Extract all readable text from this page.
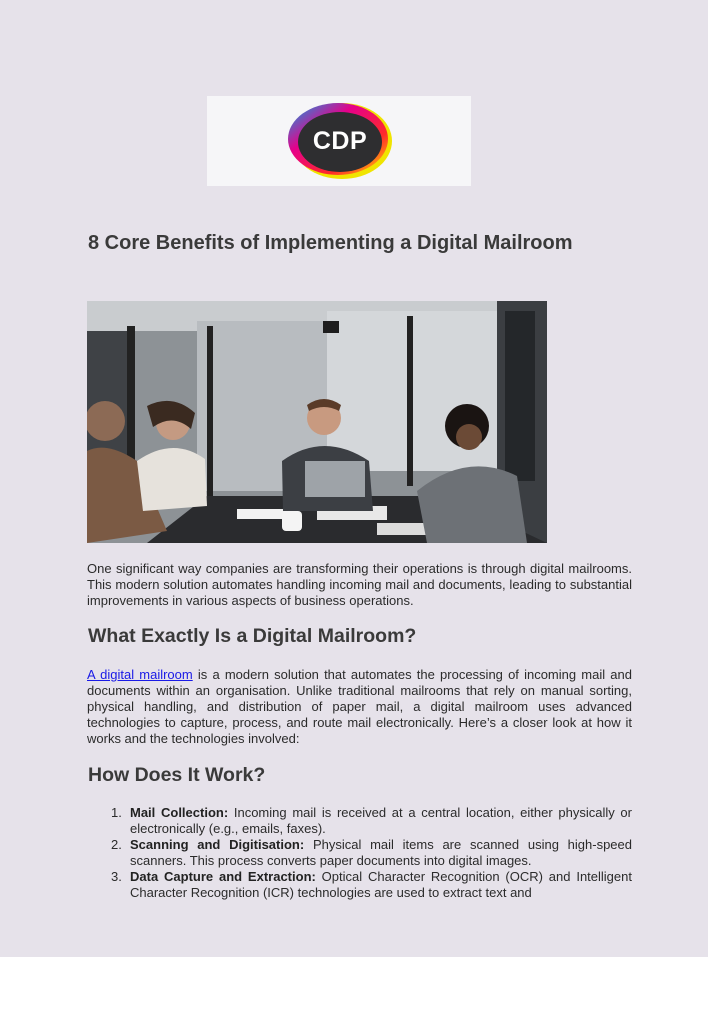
CDP
8 Core Benefits of Implementing a Digital Mailroom
One significant way companies are transforming their operations is through digital mailrooms. This modern solution automates handling incoming mail and documents, leading to substantial improvements in various aspects of business operations.
What Exactly Is a Digital Mailroom?
A digital mailroom is a modern solution that automates the processing of incoming mail and documents within an organisation. Unlike traditional mailrooms that rely on manual sorting, physical handling, and distribution of paper mail, a digital mailroom uses advanced technologies to capture, process, and route mail electronically. Here’s a closer look at how it works and the technologies involved:
How Does It Work?
1. Mail Collection: Incoming mail is received at a central location, either physically or electronically (e.g., emails, faxes).
2. Scanning and Digitisation: Physical mail items are scanned using high-speed scanners. This process converts paper documents into digital images.
3. Data Capture and Extraction: Optical Character Recognition (OCR) and Intelligent Character Recognition (ICR) technologies are used to extract text and
